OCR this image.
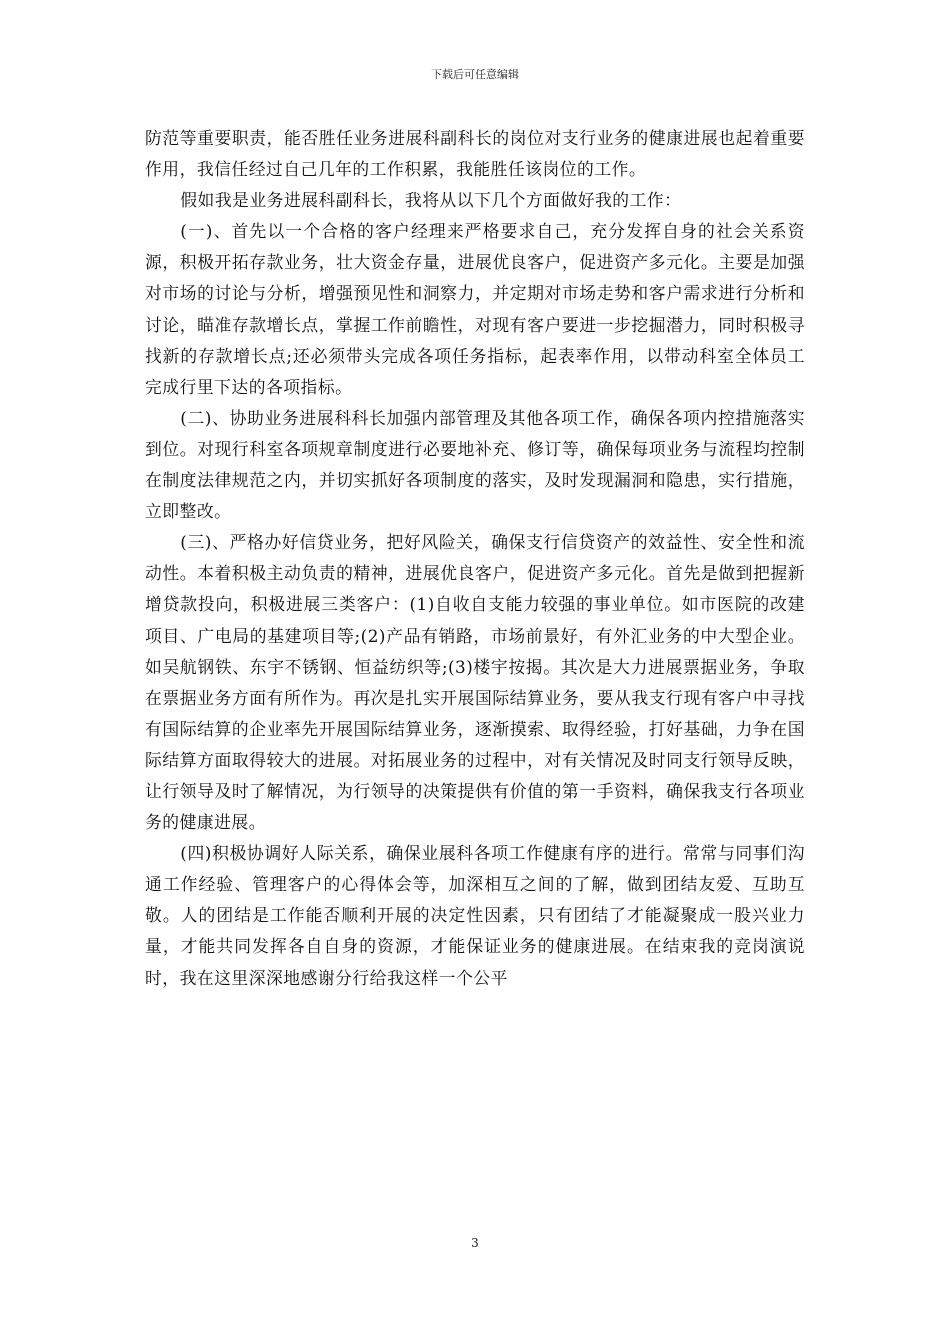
下载后可任意编辑

防范等重要职责，能否胜任业务进展科副科长的岗位对支行业务的健康进展也起着重要作用，我信任经过自己几年的工作积累，我能胜任该岗位的工作。

假如我是业务进展科副科长，我将从以下几个方面做好我的工作：

(一)、首先以一个合格的客户经理来严格要求自己，充分发挥自身的社会关系资源，积极开拓存款业务，壮大资金存量，进展优良客户，促进资产多元化。主要是加强对市场的讨论与分析，增强预见性和洞察力，并定期对市场走势和客户需求进行分析和讨论，瞄准存款增长点，掌握工作前瞻性，对现有客户要进一步挖掘潜力，同时积极寻找新的存款增长点;还必须带头完成各项任务指标，起表率作用，以带动科室全体员工完成行里下达的各项指标。

(二)、协助业务进展科科长加强内部管理及其他各项工作，确保各项内控措施落实到位。对现行科室各项规章制度进行必要地补充、修订等，确保每项业务与流程均控制在制度法律规范之内，并切实抓好各项制度的落实，及时发现漏洞和隐患，实行措施，立即整改。

(三)、严格办好信贷业务，把好风险关，确保支行信贷资产的效益性、安全性和流动性。本着积极主动负责的精神，进展优良客户，促进资产多元化。首先是做到把握新增贷款投向，积极进展三类客户：(1)自收自支能力较强的事业单位。如市医院的改建项目、广电局的基建项目等;(2)产品有销路，市场前景好，有外汇业务的中大型企业。如吴航钢铁、东宇不锈钢、恒益纺织等;(3)楼宇按揭。其次是大力进展票据业务，争取在票据业务方面有所作为。再次是扎实开展国际结算业务，要从我支行现有客户中寻找有国际结算的企业率先开展国际结算业务，逐渐摸索、取得经验，打好基础，力争在国际结算方面取得较大的进展。对拓展业务的过程中，对有关情况及时同支行领导反映，让行领导及时了解情况，为行领导的决策提供有价值的第一手资料，确保我支行各项业务的健康进展。

(四)积极协调好人际关系，确保业展科各项工作健康有序的进行。常常与同事们沟通工作经验、管理客户的心得体会等，加深相互之间的了解，做到团结友爱、互助互敬。人的团结是工作能否顺利开展的决定性因素，只有团结了才能凝聚成一股兴业力量，才能共同发挥各自自身的资源，才能保证业务的健康进展。在结束我的竞岗演说时，我在这里深深地感谢分行给我这样一个公平

3
